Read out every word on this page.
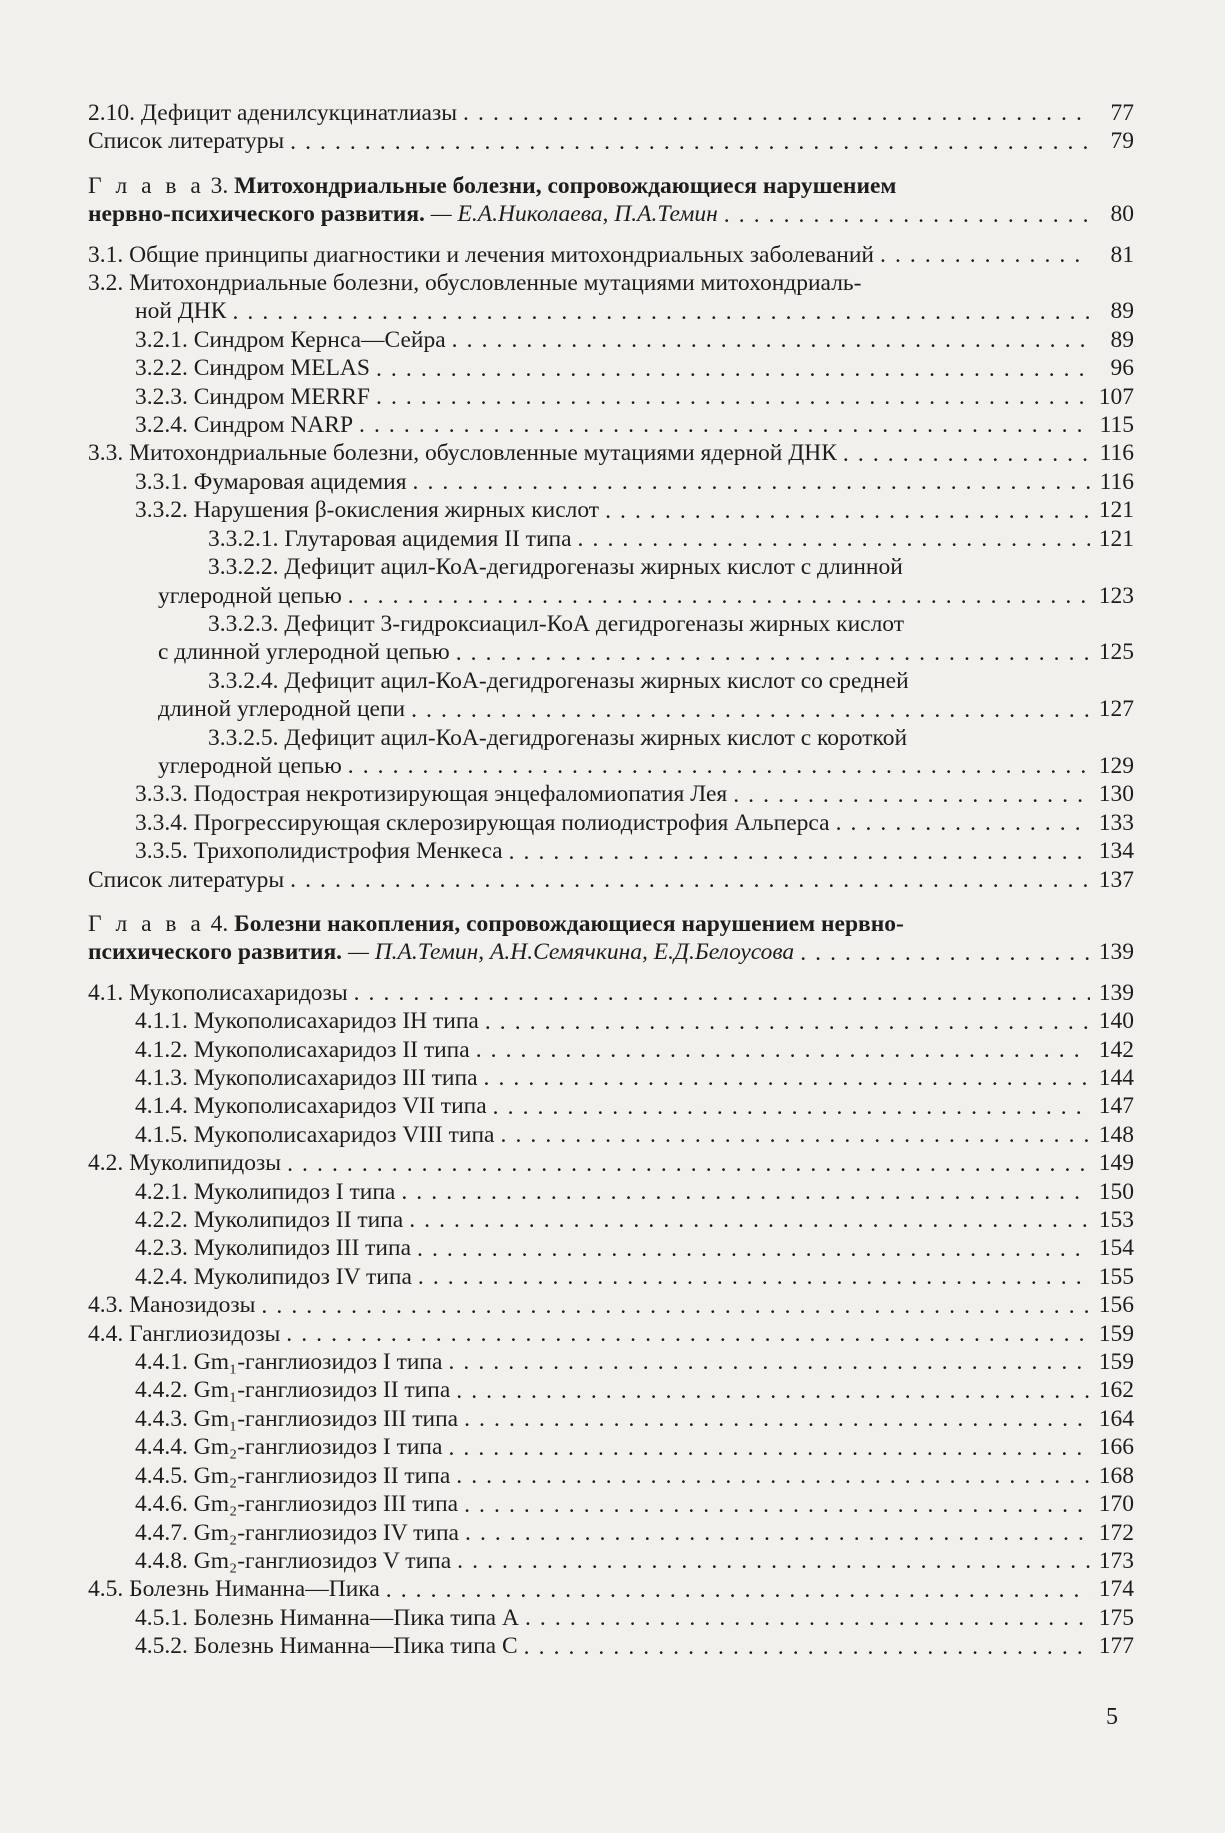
2.10. Дефицит аденилсукцинатлиазы . . .	77
Список литературы . . .	79
Г л а в а 3. Митохондриальные болезни, сопровождающиеся нарушением
нервно-психического развития. — Е.А.Николаева, П.А.Темин . . .	80
3.1. Общие принципы диагностики и лечения митохондриальных заболеваний . . .	81
3.2. Митохондриальные болезни, обусловленные мутациями митохондриаль-
ной ДНК . . .	89
3.2.1. Синдром Кернса—Сейра . . .	89
3.2.2. Синдром MELAS . . .	96
3.2.3. Синдром MERRF . . .	107
3.2.4. Синдром NARP . . .	115
3.3. Митохондриальные болезни, обусловленные мутациями ядерной ДНК . . .	116
3.3.1. Фумаровая ацидемия . . .	116
3.3.2. Нарушения β-окисления жирных кислот . . .	121
3.3.2.1. Глутаровая ацидемия II типа . . .	121
3.3.2.2. Дефицит ацил-КоА-дегидрогеназы жирных кислот с длинной
углеродной цепью . . .	123
3.3.2.3. Дефицит 3-гидроксиацил-КоА дегидрогеназы жирных кислот
с длинной углеродной цепью . . .	125
3.3.2.4. Дефицит ацил-КоА-дегидрогеназы жирных кислот со средней
длиной углеродной цепи . . .	127
3.3.2.5. Дефицит ацил-КоА-дегидрогеназы жирных кислот с короткой
углеродной цепью . . .	129
3.3.3. Подострая некротизирующая энцефаломиопатия Лея . . .	130
3.3.4. Прогрессирующая склерозирующая полиодистрофия Альперса . . .	133
3.3.5. Трихополидистрофия Менкеса . . .	134
Список литературы . . .	137
Г л а в а 4. Болезни накопления, сопровождающиеся нарушением нервно-
психического развития. — П.А.Темин, А.Н.Семячкина, Е.Д.Белоусова . . .	139
4.1. Мукополисахаридозы . . .	139
4.1.1. Мукополисахаридоз IH типа . . .	140
4.1.2. Мукополисахаридоз II типа . . .	142
4.1.3. Мукополисахаридоз III типа . . .	144
4.1.4. Мукополисахаридоз VII типа . . .	147
4.1.5. Мукополисахаридоз VIII типа . . .	148
4.2. Муколипидозы . . .	149
4.2.1. Муколипидоз I типа . . .	150
4.2.2. Муколипидоз II типа . . .	153
4.2.3. Муколипидоз III типа . . .	154
4.2.4. Муколипидоз IV типа . . .	155
4.3. Манозидозы . . .	156
4.4. Ганглиозидозы . . .	159
4.4.1. Gm₁-ганглиозидоз I типа . . .	159
4.4.2. Gm₁-ганглиозидоз II типа . . .	162
4.4.3. Gm₁-ганглиозидоз III типа . . .	164
4.4.4. Gm₂-ганглиозидоз I типа . . .	166
4.4.5. Gm₂-ганглиозидоз II типа . . .	168
4.4.6. Gm₂-ганглиозидоз III типа . . .	170
4.4.7. Gm₂-ганглиозидоз IV типа . . .	172
4.4.8. Gm₂-ганглиозидоз V типа . . .	173
4.5. Болезнь Ниманна—Пика . . .	174
4.5.1. Болезнь Ниманна—Пика типа А . . .	175
4.5.2. Болезнь Ниманна—Пика типа С . . .	177
5
